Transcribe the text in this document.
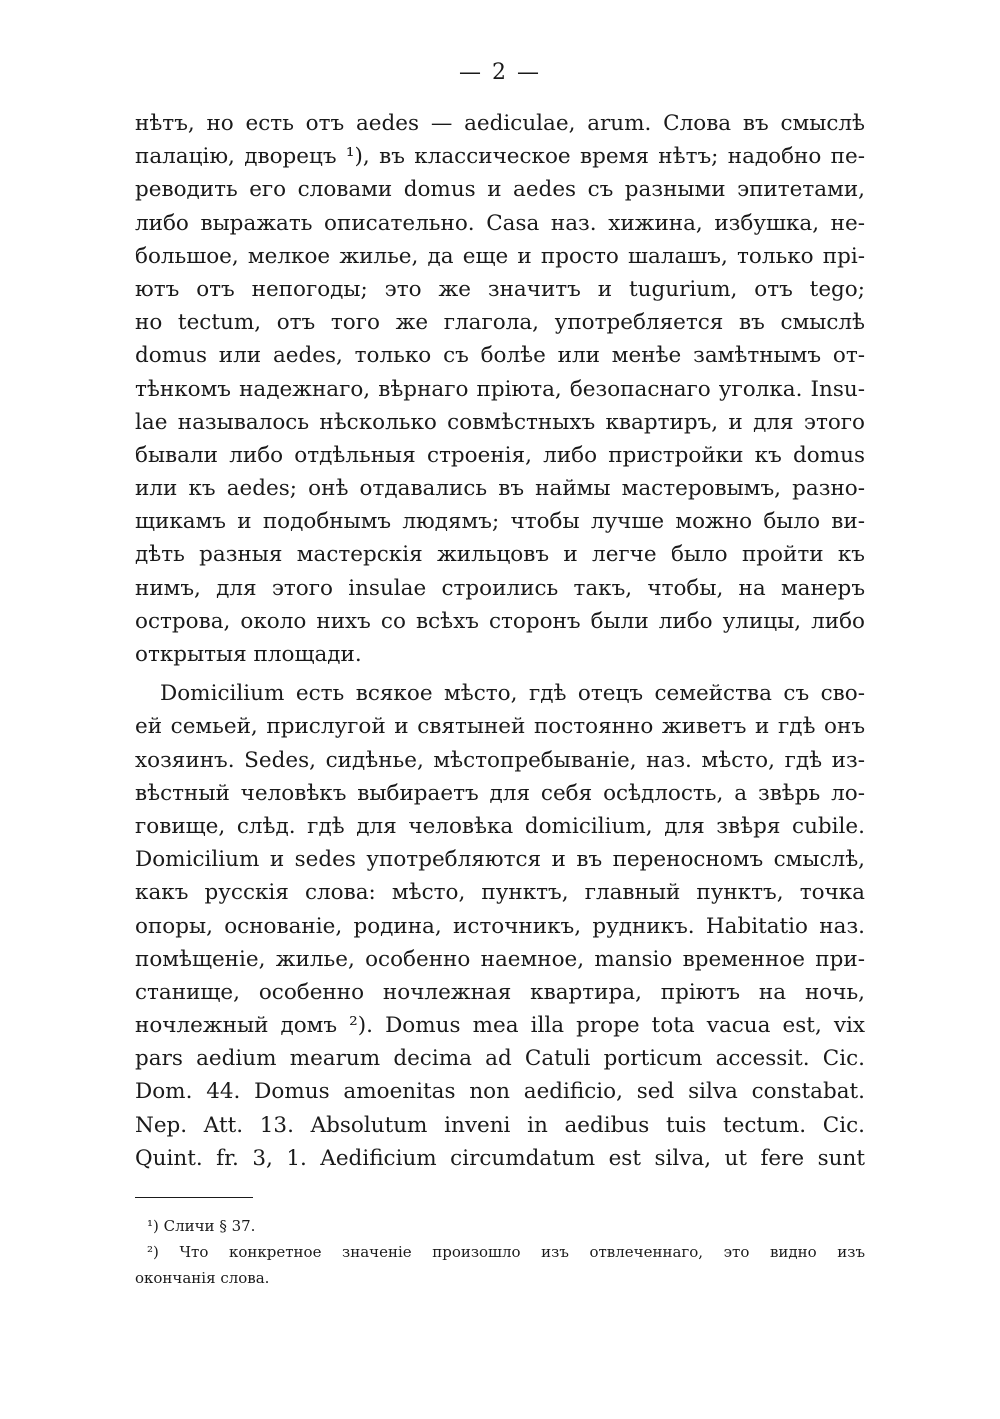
— 2 —
нѣтъ, но есть отъ aedes — aediculae, arum. Слова въ смыслѣ
палацію, дворецъ ¹), въ классическое время нѣтъ; надобно пе-
реводить его словами domus и aedes съ разными эпитетами,
либо выражать описательно. Casa наз. хижина, избушка, не-
большое, мелкое жилье, да еще и просто шалашъ, только прі-
ютъ отъ непогоды; это же значитъ и tugurium, отъ tego;
но tectum, отъ того же глагола, употребляется въ смыслѣ
domus или aedes, только съ болѣе или менѣе замѣтнымъ от-
тѣнкомъ надежнаго, вѣрнаго пріюта, безопаснаго уголка. Insu-
lae называлось нѣсколько совмѣстныхъ квартиръ, и для этого
бывали либо отдѣльныя строенія, либо пристройки къ domus
или къ aedes; онѣ отдавались въ наймы мастеровымъ, разно-
щикамъ и подобнымъ людямъ; чтобы лучше можно было ви-
дѣть разныя мастерскія жильцовъ и легче было пройти къ
нимъ, для этого insulae строились такъ, чтобы, на манеръ
острова, около нихъ со всѣхъ сторонъ были либо улицы, либо
открытыя площади.
Domicilium есть всякое мѣсто, гдѣ отецъ семейства съ сво-
ей семьей, прислугой и святыней постоянно живетъ и гдѣ онъ
хозяинъ. Sedes, сидѣнье, мѣстопребываніе, наз. мѣсто, гдѣ из-
вѣстный человѣкъ выбираетъ для себя осѣдлость, а звѣрь ло-
говище, слѣд. гдѣ для человѣка domicilium, для звѣря cubile.
Domicilium и sedes употребляются и въ переносномъ смыслѣ,
какъ русскія слова: мѣсто, пунктъ, главный пунктъ, точка
опоры, основаніе, родина, источникъ, рудникъ. Habitatio наз.
помѣщеніе, жилье, особенно наемное, mansio временное при-
станище, особенно ночлежная квартира, пріютъ на ночь,
ночлежный домъ ²). Domus mea illa prope tota vacua est, vix
pars aedium mearum decima ad Catuli porticum accessit. Cic.
Dom. 44. Domus amoenitas non aedificio, sed silva constabat.
Nep. Att. 13. Absolutum inveni in aedibus tuis tectum. Cic.
Quint. fr. 3, 1. Aedificium circumdatum est silva, ut fere sunt
¹) Сличи § 37.
²) Что конкретное значеніе произошло изъ отвлеченнаго, это видно изъ
окончанія слова.
